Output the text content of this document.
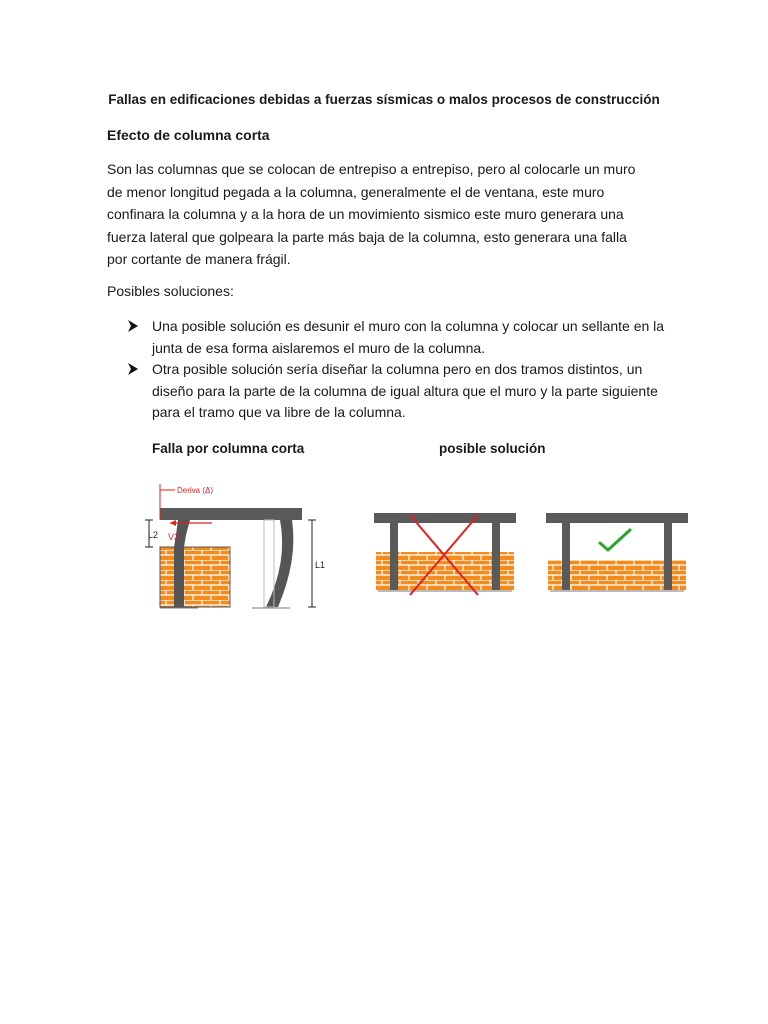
Fallas en edificaciones debidas a fuerzas sísmicas o malos procesos de construcción
Efecto de columna corta
Son las columnas que se colocan de entrepiso a entrepiso, pero al colocarle un muro de menor longitud pegada a la columna, generalmente el de ventana, este muro confinara la columna y a la hora de un movimiento sismico este muro generara una fuerza lateral que golpeara la parte más baja de la columna, esto generara una falla por cortante de manera frágil.
Posibles soluciones:
Una posible solución es desunir el muro con la columna y colocar un sellante en la junta de esa forma aislaremos el muro de la columna.
Otra posible solución sería diseñar la columna pero en dos tramos distintos, un diseño para la parte de la columna de igual altura que el muro y la parte siguiente para el tramo que va libre de la columna.
Falla por columna corta	posible solución
L2
L1
Deriva (Δ)
V2
